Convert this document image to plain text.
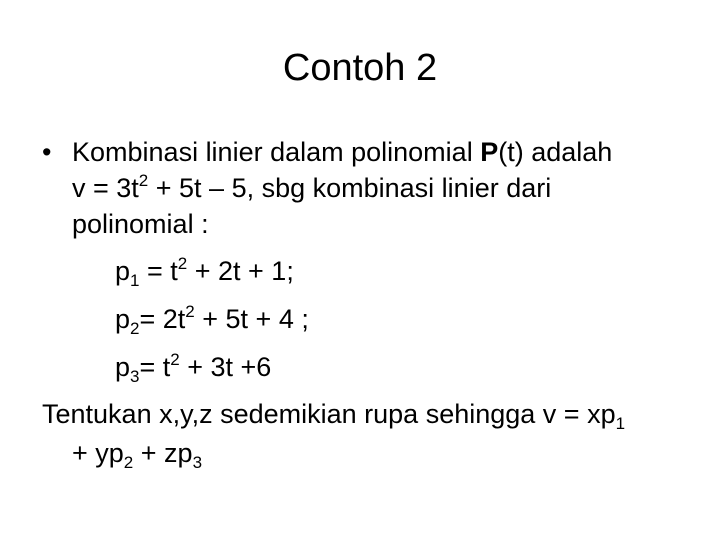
Contoh 2
• Kombinasi linier dalam polinomial P(t) adalah
$v = 3t^2 + 5t - 5$, sbg kombinasi linier dari
polinomial :
$p_1 = t^2 + 2t + 1$;
$p_2= 2t^2 + 5t + 4$ ;
$p_3= t^2 + 3t +6$
Tentukan x,y,z sedemikian rupa sehingga $v = xp_1$
+ $yp_2 + zp_3$
